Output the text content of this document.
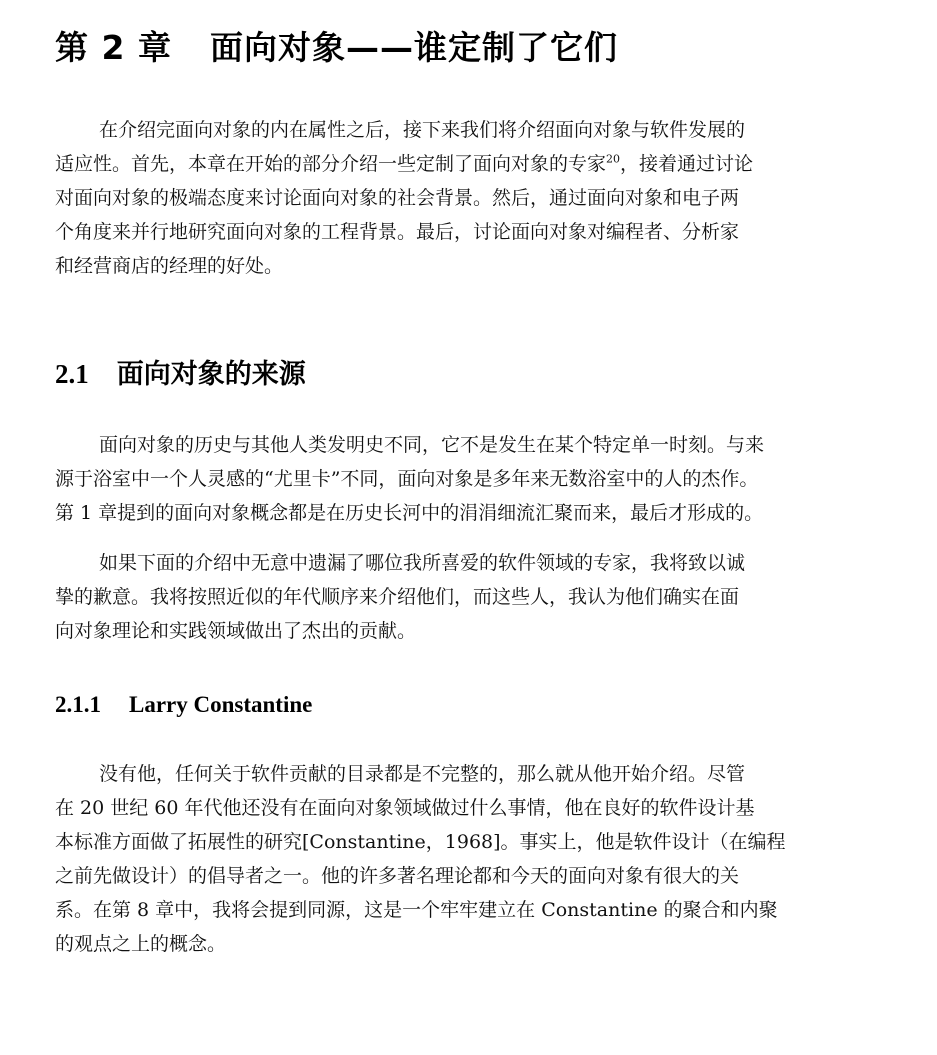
第 2 章 面向对象——谁定制了它们
在介绍完面向对象的内在属性之后，接下来我们将介绍面向对象与软件发展的
适应性。首先，本章在开始的部分介绍一些定制了面向对象的专家$^{20}$，接着通过讨论
对面向对象的极端态度来讨论面向对象的社会背景。然后，通过面向对象和电子两
个角度来并行地研究面向对象的工程背景。最后，讨论面向对象对编程者、分析家
和经营商店的经理的好处。
2.1 面向对象的来源
面向对象的历史与其他人类发明史不同，它不是发生在某个特定单一时刻。与来
源于浴室中一个人灵感的“尤里卡”不同，面向对象是多年来无数浴室中的人的杰作。
第 1 章提到的面向对象概念都是在历史长河中的涓涓细流汇聚而来，最后才形成的。
如果下面的介绍中无意中遗漏了哪位我所喜爱的软件领域的专家，我将致以诚
挚的歉意。我将按照近似的年代顺序来介绍他们，而这些人，我认为他们确实在面
向对象理论和实践领域做出了杰出的贡献。
2.1.1 Larry Constantine
没有他，任何关于软件贡献的目录都是不完整的，那么就从他开始介绍。尽管
在 20 世纪 60 年代他还没有在面向对象领域做过什么事情，他在良好的软件设计基
本标准方面做了拓展性的研究[Constantine，1968]。事实上，他是软件设计（在编程
之前先做设计）的倡导者之一。他的许多著名理论都和今天的面向对象有很大的关
系。在第 8 章中，我将会提到同源，这是一个牢牢建立在 Constantine 的聚合和内聚
的观点之上的概念。
